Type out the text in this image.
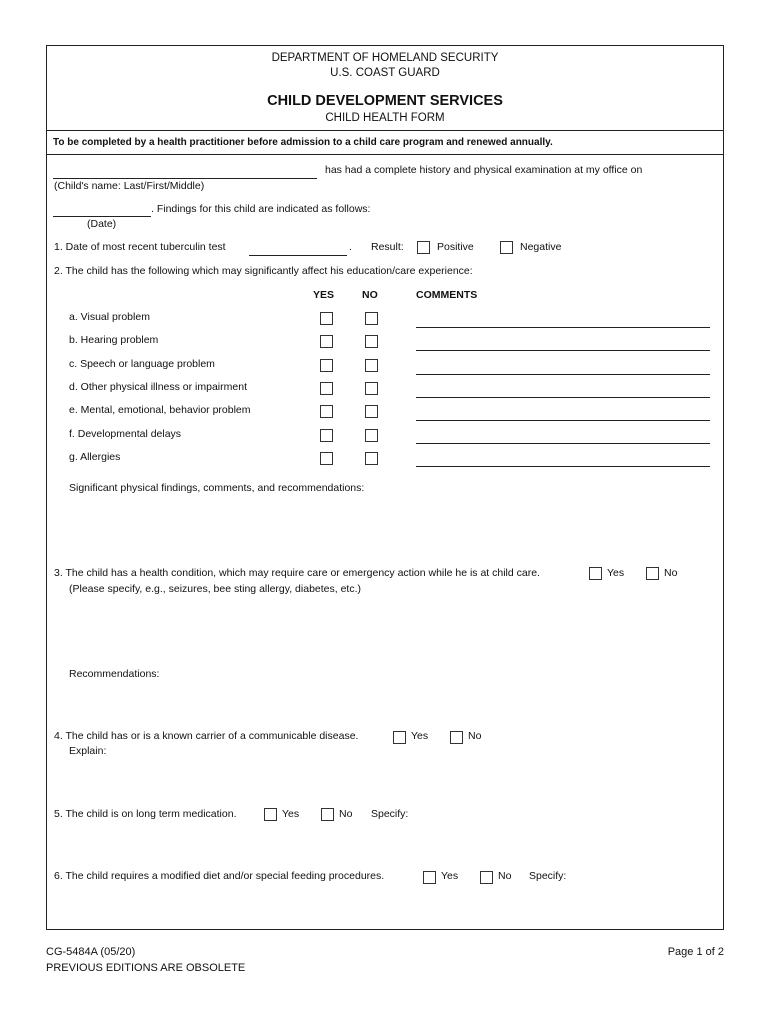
DEPARTMENT OF HOMELAND SECURITY
U.S. COAST GUARD
CHILD DEVELOPMENT SERVICES
CHILD HEALTH FORM
To be completed by a health practitioner before admission to a child care program and renewed annually.
has had a complete history and physical examination at my office on
(Child's name: Last/First/Middle)
. Findings for this child are indicated as follows:
(Date)
1. Date of most recent tuberculin test	. Result:	Positive	Negative
2. The child has the following which may significantly affect his education/care experience:
YES	NO	COMMENTS
a. Visual problem
b. Hearing problem
c. Speech or language problem
d. Other physical illness or impairment
e. Mental, emotional, behavior problem
f. Developmental delays
g. Allergies
Significant physical findings, comments, and recommendations:
3. The child has a health condition, which may require care or emergency action while he is at child care.	Yes	No
(Please specify, e.g., seizures, bee sting allergy, diabetes, etc.)
Recommendations:
4. The child has or is a known carrier of a communicable disease.	Yes	No
Explain:
5. The child is on long term medication.	Yes	No Specify:
6. The child requires a modified diet and/or special feeding procedures.	Yes	No Specify:
CG-5484A (05/20)
PREVIOUS EDITIONS ARE OBSOLETE
Page 1 of 2
